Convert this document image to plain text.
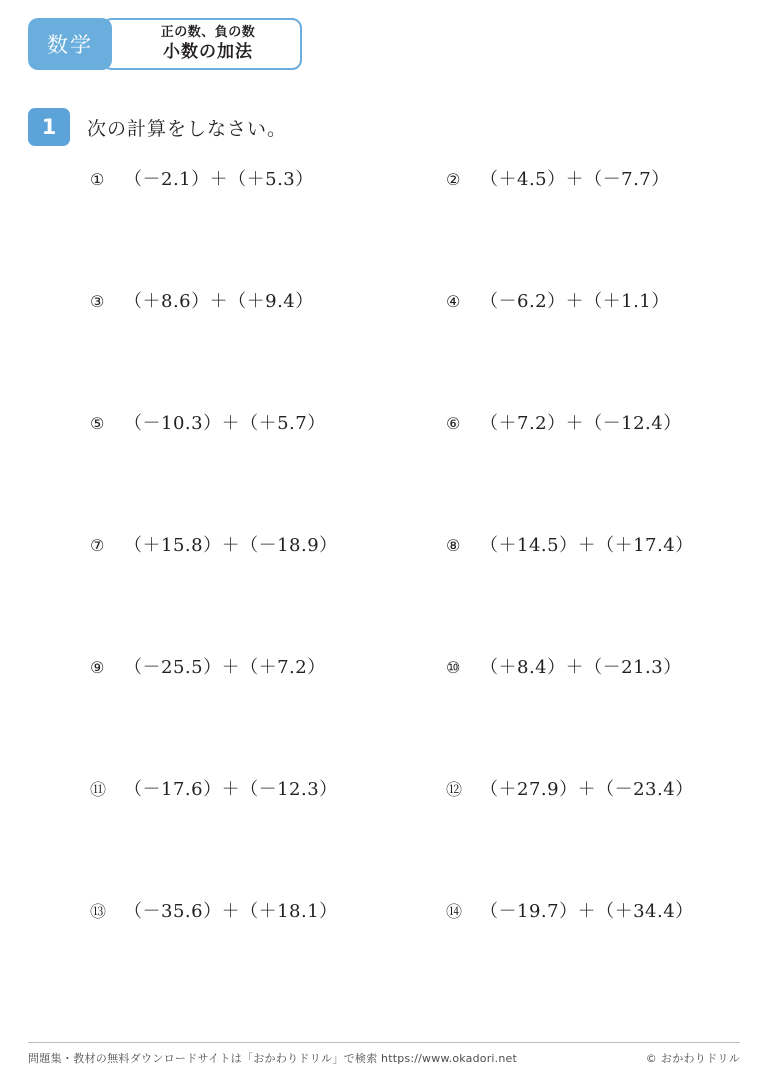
数学
正の数、負の数
小数の加法
1	次の計算をしなさい。
①	（－2.1）＋（＋5.3）	②	（＋4.5）＋（－7.7）
③	（＋8.6）＋（＋9.4）	④	（－6.2）＋（＋1.1）
⑤	（－10.3）＋（＋5.7）	⑥	（＋7.2）＋（－12.4）
⑦	（＋15.8）＋（－18.9）	⑧	（＋14.5）＋（＋17.4）
⑨	（－25.5）＋（＋7.2）	⑩	（＋8.4）＋（－21.3）
⑪ （－17.6）＋（－12.3）	⑫ （＋27.9）＋（－23.4）
⑬ （－35.6）＋（＋18.1）	⑭ （－19.7）＋（＋34.4）
問題集・教材の無料ダウンロードサイトは「おかわりドリル」で検索 https://www.okadori.net	© おかわりドリル
